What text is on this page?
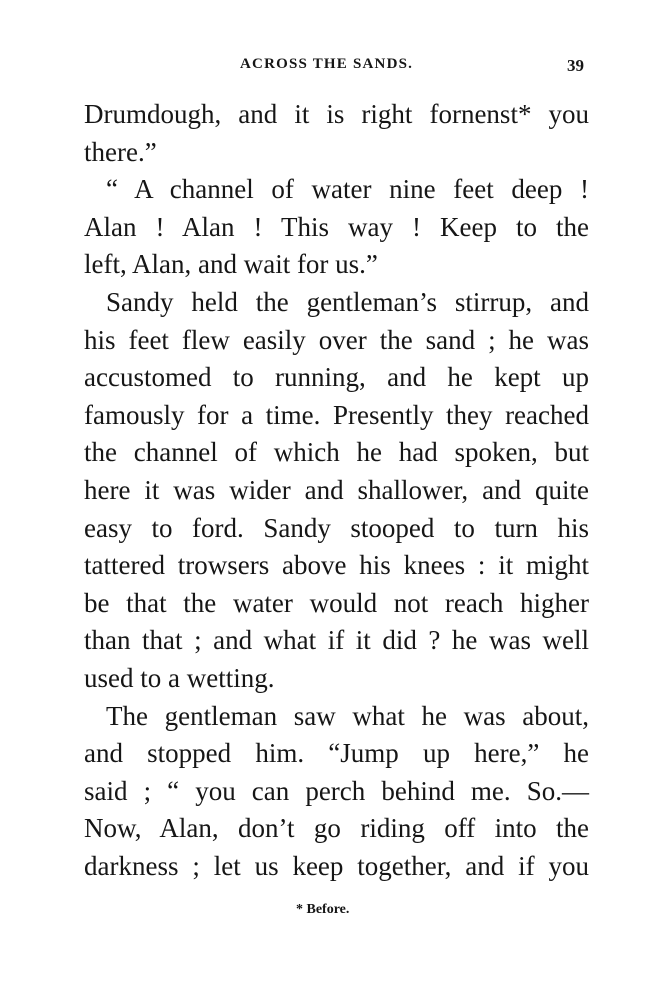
ACROSS THE SANDS.	39
Drumdough, and it is right fornenst* you
there.”
“ A channel of water nine feet deep !
Alan ! Alan ! This way ! Keep to the
left, Alan, and wait for us.”
Sandy held the gentleman’s stirrup, and
his feet flew easily over the sand ; he was
accustomed to running, and he kept up
famously for a time. Presently they reached
the channel of which he had spoken, but
here it was wider and shallower, and quite
easy to ford. Sandy stooped to turn his
tattered trowsers above his knees : it might
be that the water would not reach higher
than that ; and what if it did ? he was well
used to a wetting.
The gentleman saw what he was about,
and stopped him. “Jump up here,” he
said ; “ you can perch behind me. So.—
Now, Alan, don’t go riding off into the
darkness ; let us keep together, and if you
* Before.
